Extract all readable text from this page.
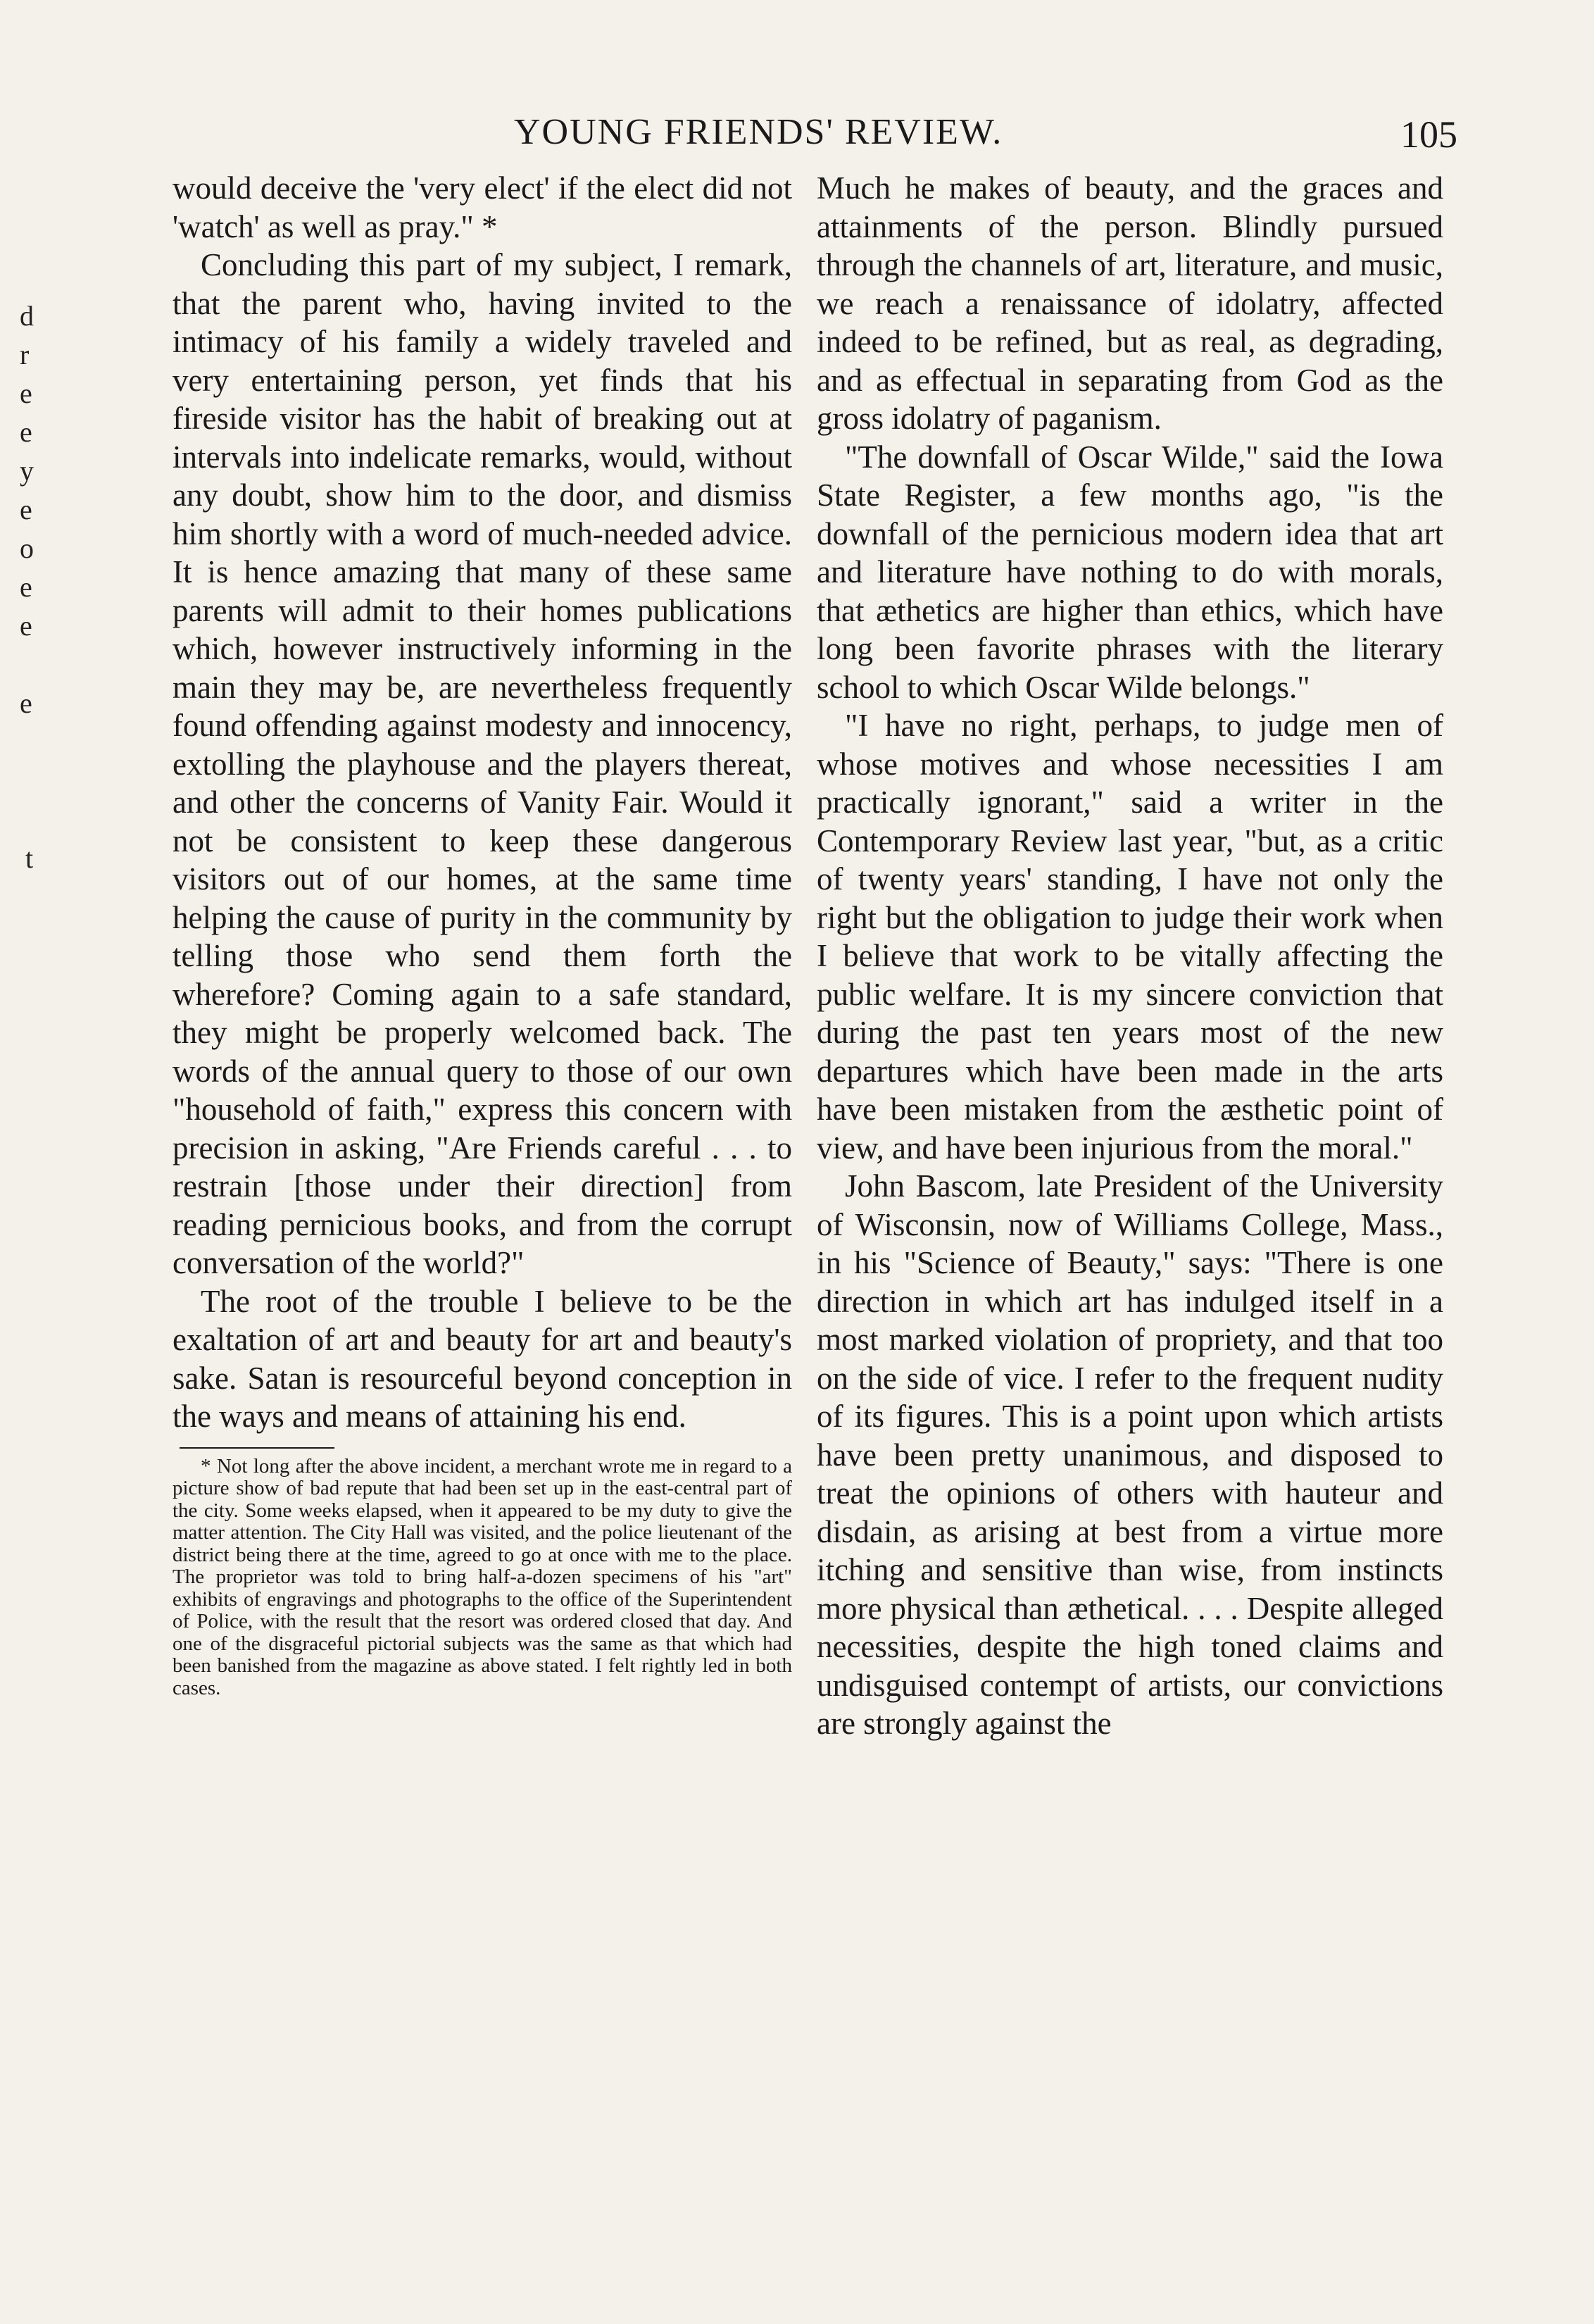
YOUNG FRIENDS' REVIEW.	105

would deceive the 'very elect' if the elect did not 'watch' as well as pray." *

Concluding this part of my subject, I remark, that the parent who, having invited to the intimacy of his family a widely traveled and very entertaining person, yet finds that his fireside visitor has the habit of breaking out at intervals into indelicate remarks, would, without any doubt, show him to the door, and dismiss him shortly with a word of much-needed advice. It is hence amazing that many of these same parents will admit to their homes publications which, however instructively informing in the main they may be, are nevertheless frequently found offending against modesty and innocency, extolling the playhouse and the players thereat, and other the concerns of Vanity Fair. Would it not be consistent to keep these dangerous visitors out of our homes, at the same time helping the cause of purity in the community by telling those who send them forth the wherefore? Coming again to a safe standard, they might be properly welcomed back. The words of the annual query to those of our own "household of faith," express this concern with precision in asking, "Are Friends careful . . . to restrain [those under their direction] from reading pernicious books, and from the corrupt conversation of the world?"

The root of the trouble I believe to be the exaltation of art and beauty for art and beauty's sake. Satan is resourceful beyond conception in the ways and means of attaining his end.

* Not long after the above incident, a merchant wrote me in regard to a picture show of bad repute that had been set up in the east-central part of the city. Some weeks elapsed, when it appeared to be my duty to give the matter attention. The City Hall was visited, and the police lieutenant of the district being there at the time, agreed to go at once with me to the place. The proprietor was told to bring half-a-dozen specimens of his "art" exhibits of engravings and photographs to the office of the Superintendent of Police, with the result that the resort was ordered closed that day. And one of the disgraceful pictorial subjects was the same as that which had been banished from the magazine as above stated. I felt rightly led in both cases.

Much he makes of beauty, and the graces and attainments of the person. Blindly pursued through the channels of art, literature, and music, we reach a renaissance of idolatry, affected indeed to be refined, but as real, as degrading, and as effectual in separating from God as the gross idolatry of paganism.

"The downfall of Oscar Wilde," said the Iowa State Register, a few months ago, "is the downfall of the pernicious modern idea that art and literature have nothing to do with morals, that æthetics are higher than ethics, which have long been favorite phrases with the literary school to which Oscar Wilde belongs."

"I have no right, perhaps, to judge men of whose motives and whose necessities I am practically ignorant," said a writer in the Contemporary Review last year, "but, as a critic of twenty years' standing, I have not only the right but the obligation to judge their work when I believe that work to be vitally affecting the public welfare. It is my sincere conviction that during the past ten years most of the new departures which have been made in the arts have been mistaken from the æsthetic point of view, and have been injurious from the moral."

John Bascom, late President of the University of Wisconsin, now of Williams College, Mass., in his "Science of Beauty," says: "There is one direction in which art has indulged itself in a most marked violation of propriety, and that too on the side of vice. I refer to the frequent nudity of its figures. This is a point upon which artists have been pretty unanimous, and disposed to treat the opinions of others with hauteur and disdain, as arising at best from a virtue more itching and sensitive than wise, from instincts more physical than æthetical. . . . Despite alleged necessities, despite the high toned claims and undisguised contempt of artists, our convictions are strongly against the

d
r
e
e
y
e
o
e
e
e
t
